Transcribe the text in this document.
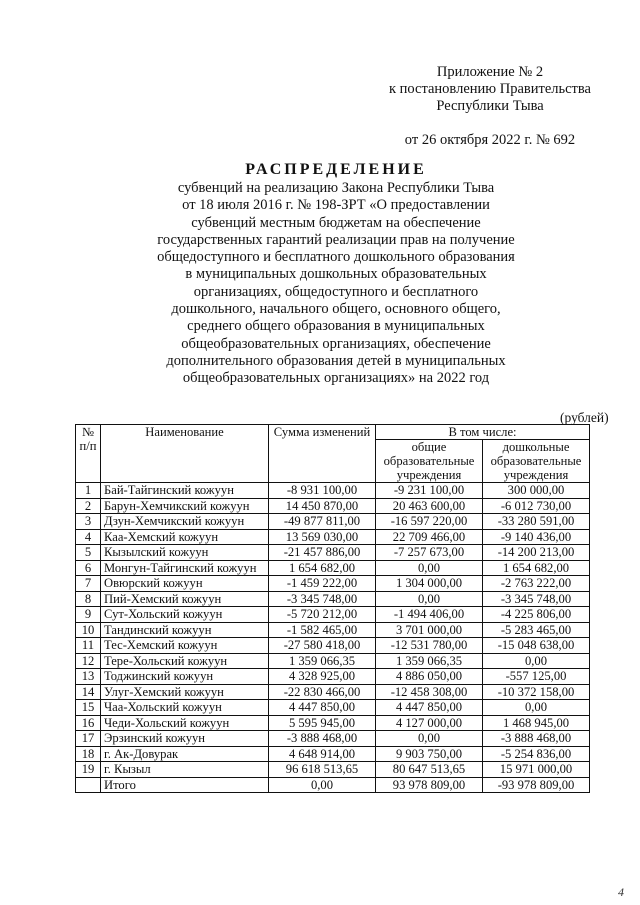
Приложение № 2
к постановлению Правительства
Республики Тыва
от 26 октября 2022 г. № 692
РАСПРЕДЕЛЕНИЕ
субвенций на реализацию Закона Республики Тыва
от 18 июля 2016 г. № 198-ЗРТ «О предоставлении
субвенций местным бюджетам на обеспечение
государственных гарантий реализации прав на получение
общедоступного и бесплатного дошкольного образования
в муниципальных дошкольных образовательных
организациях, общедоступного и бесплатного
дошкольного, начального общего, основного общего,
среднего общего образования в муниципальных
общеобразовательных организациях, обеспечение
дополнительного образования детей в муниципальных
общеобразовательных организациях» на 2022 год
(рублей)
№ п/п	Наименование	Сумма изменений	В том числе:	
			общие образовательные учреждения	дошкольные образовательные учреждения
1	Бай-Тайгинский кожуун	-8 931 100,00	-9 231 100,00	300 000,00
2	Барун-Хемчикский кожуун	14 450 870,00	20 463 600,00	-6 012 730,00
3	Дзун-Хемчикский кожуун	-49 877 811,00	-16 597 220,00	-33 280 591,00
4	Каа-Хемский кожуун	13 569 030,00	22 709 466,00	-9 140 436,00
5	Кызылский кожуун	-21 457 886,00	-7 257 673,00	-14 200 213,00
6	Монгун-Тайгинский кожуун	1 654 682,00	0,00	1 654 682,00
7	Овюрский кожуун	-1 459 222,00	1 304 000,00	-2 763 222,00
8	Пий-Хемский кожуун	-3 345 748,00	0,00	-3 345 748,00
9	Сут-Хольский кожуун	-5 720 212,00	-1 494 406,00	-4 225 806,00
10	Тандинский кожуун	-1 582 465,00	3 701 000,00	-5 283 465,00
11	Тес-Хемский кожуун	-27 580 418,00	-12 531 780,00	-15 048 638,00
12	Тере-Хольский кожуун	1 359 066,35	1 359 066,35	0,00
13	Тоджинский кожуун	4 328 925,00	4 886 050,00	-557 125,00
14	Улуг-Хемский кожуун	-22 830 466,00	-12 458 308,00	-10 372 158,00
15	Чаа-Хольский кожуун	4 447 850,00	4 447 850,00	0,00
16	Чеди-Хольский кожуун	5 595 945,00	4 127 000,00	1 468 945,00
17	Эрзинский кожуун	-3 888 468,00	0,00	-3 888 468,00
18	г. Ак-Довурак	4 648 914,00	9 903 750,00	-5 254 836,00
19	г. Кызыл	96 618 513,65	80 647 513,65	15 971 000,00
	Итого	0,00	93 978 809,00	-93 978 809,00
4
